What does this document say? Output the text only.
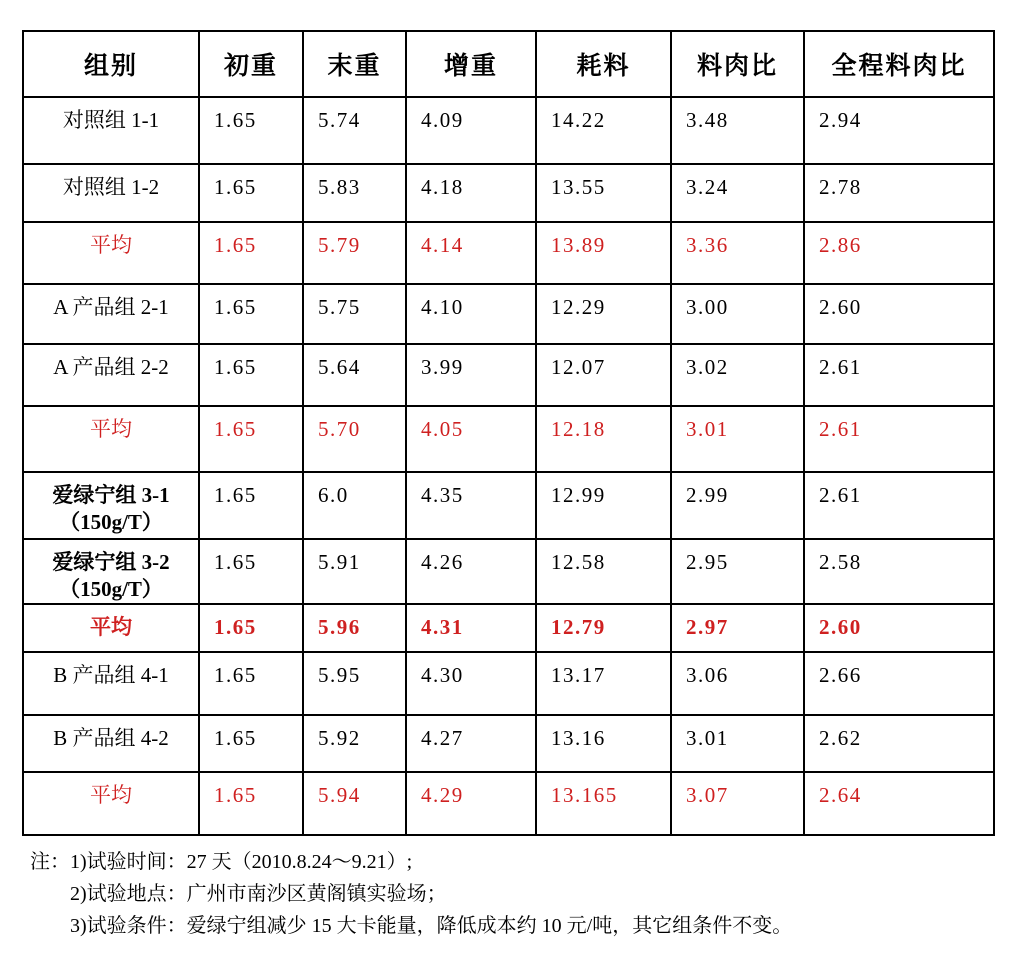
组别	初重	末重	增重	耗料	料肉比	全程料肉比

对照组 1-1	1.65	5.74	4.09	14.22	3.48	2.94

对照组 1-2	1.65	5.83	4.18	13.55	3.24	2.78

平均	1.65	5.79	4.14	13.89	3.36	2.86

A 产品组 2-1	1.65	5.75	4.10	12.29	3.00	2.60

A 产品组 2-2	1.65	5.64	3.99	12.07	3.02	2.61

平均	1.65	5.70	4.05	12.18	3.01	2.61

爱绿宁组 3-1
（150g/T）	1.65	6.0	4.35	12.99	2.99	2.61

爱绿宁组 3-2
（150g/T）	1.65	5.91	4.26	12.58	2.95	2.58

平均	1.65	5.96	4.31	12.79	2.97	2.60

B 产品组 4-1	1.65	5.95	4.30	13.17	3.06	2.66

B 产品组 4-2	1.65	5.92	4.27	13.16	3.01	2.62

平均	1.65	5.94	4.29	13.165	3.07	2.64
注：1)试验时间：27 天（2010.8.24～9.21）;
2)试验地点：广州市南沙区黄阁镇实验场；
3)试验条件：爱绿宁组减少 15 大卡能量，降低成本约 10 元/吨，其它组条件不变。
